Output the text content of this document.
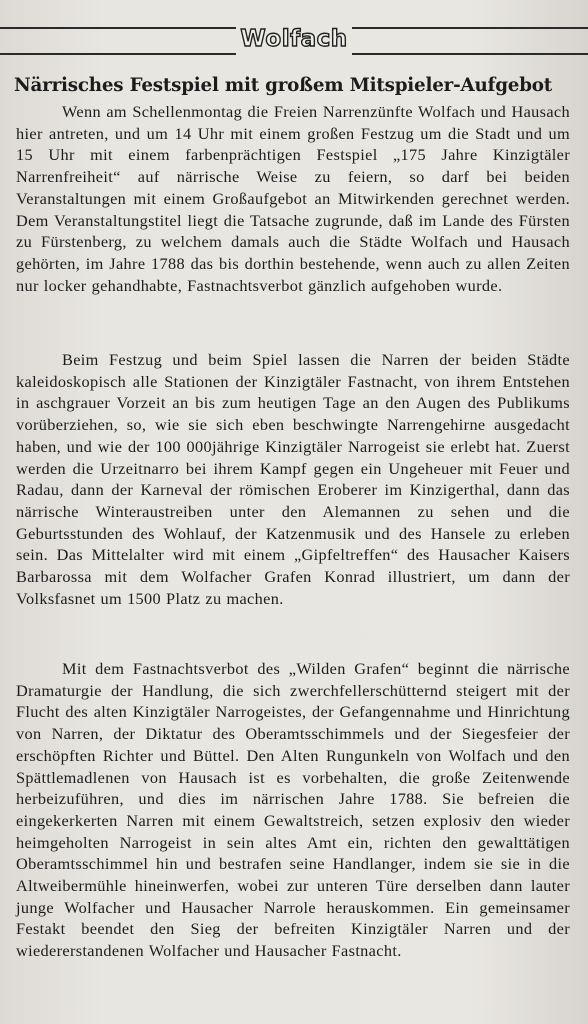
Wolfach
Närrisches Festspiel mit großem Mitspieler-Aufgebot
Wenn am Schellenmontag die Freien Narrenzünfte Wolfach und Hausach hier antreten, und um 14 Uhr mit einem großen Festzug um die Stadt und um 15 Uhr mit einem farbenprächtigen Festspiel „175 Jahre Kinzigtäler Narrenfreiheit“ auf närrische Weise zu feiern, so darf bei beiden Veranstaltungen mit einem Großaufgebot an Mitwirkenden gerechnet werden. Dem Veranstaltungstitel liegt die Tatsache zugrunde, daß im Lande des Fürsten zu Fürstenberg, zu welchem damals auch die Städte Wolfach und Hausach gehörten, im Jahre 1788 das bis dorthin bestehende, wenn auch zu allen Zeiten nur locker gehandhabte, Fastnachtsverbot gänzlich aufgehoben wurde.
Beim Festzug und beim Spiel lassen die Narren der beiden Städte kaleidoskopisch alle Stationen der Kinzigtäler Fastnacht, von ihrem Entstehen in aschgrauer Vorzeit an bis zum heutigen Tage an den Augen des Publikums vorüberziehen, so, wie sie sich eben beschwingte Narrengehirne ausgedacht haben, und wie der 100 000jährige Kinzigtäler Narrogeist sie erlebt hat. Zuerst werden die Urzeitnarro bei ihrem Kampf gegen ein Ungeheuer mit Feuer und Radau, dann der Karneval der römischen Eroberer im Kinzigerthal, dann das närrische Winteraustreiben unter den Alemannen zu sehen und die Geburtsstunden des Wohlauf, der Katzenmusik und des Hansele zu erleben sein. Das Mittelalter wird mit einem „Gipfeltreffen“ des Hausacher Kaisers Barbarossa mit dem Wolfacher Grafen Konrad illustriert, um dann der Volksfasnet um 1500 Platz zu machen.
Mit dem Fastnachtsverbot des „Wilden Grafen“ beginnt die närrische Dramaturgie der Handlung, die sich zwerchfellerschütternd steigert mit der Flucht des alten Kinzigtäler Narrogeistes, der Gefangennahme und Hinrichtung von Narren, der Diktatur des Oberamtsschimmels und der Siegesfeier der erschöpften Richter und Büttel. Den Alten Rungunkeln von Wolfach und den Spättlemadlenen von Hausach ist es vorbehalten, die große Zeitenwende herbeizuführen, und dies im närrischen Jahre 1788. Sie befreien die eingekerkerten Narren mit einem Gewaltstreich, setzen explosiv den wieder heimgeholten Narrogeist in sein altes Amt ein, richten den gewalttätigen Oberamtsschimmel hin und bestrafen seine Handlanger, indem sie sie in die Altweibermühle hineinwerfen, wobei zur unteren Türe derselben dann lauter junge Wolfacher und Hausacher Narrole herauskommen. Ein gemeinsamer Festakt beendet den Sieg der befreiten Kinzigtäler Narren und der wiedererstandenen Wolfacher und Hausacher Fastnacht.
